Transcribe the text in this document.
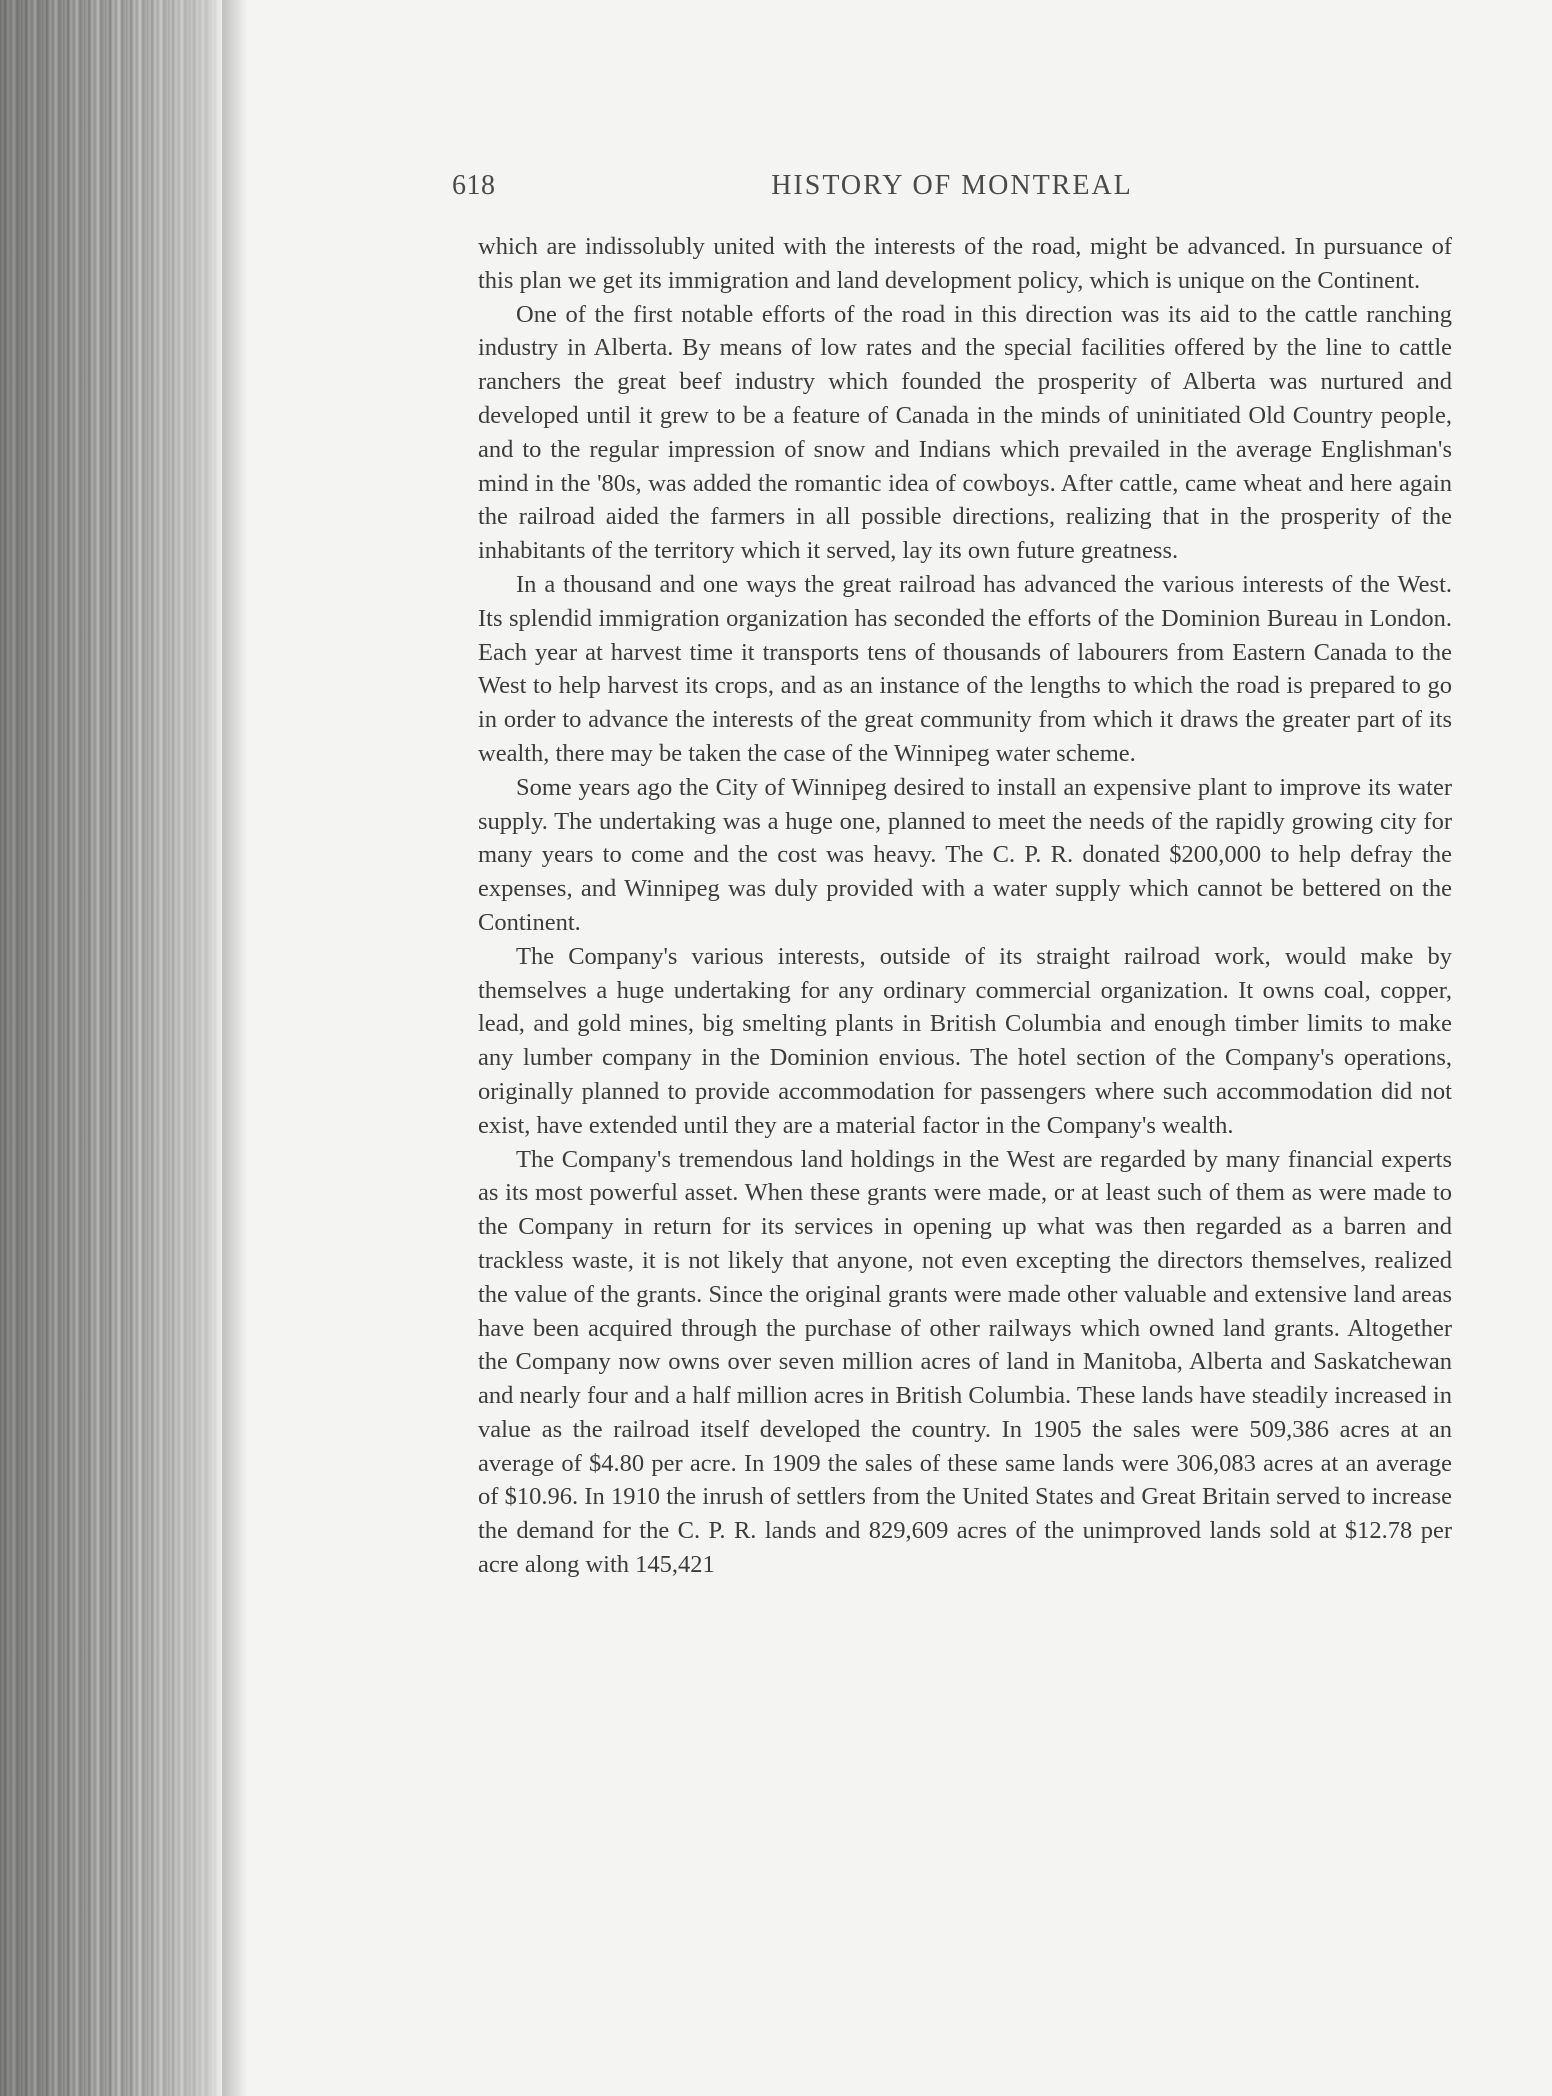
618	HISTORY OF MONTREAL

which are indissolubly united with the interests of the road, might be advanced. In pursuance of this plan we get its immigration and land development policy, which is unique on the Continent.

One of the first notable efforts of the road in this direction was its aid to the cattle ranching industry in Alberta. By means of low rates and the special facilities offered by the line to cattle ranchers the great beef industry which founded the prosperity of Alberta was nurtured and developed until it grew to be a feature of Canada in the minds of uninitiated Old Country people, and to the regular impression of snow and Indians which prevailed in the average Englishman's mind in the '80s, was added the romantic idea of cowboys. After cattle, came wheat and here again the railroad aided the farmers in all possible directions, realizing that in the prosperity of the inhabitants of the territory which it served, lay its own future greatness.

In a thousand and one ways the great railroad has advanced the various interests of the West. Its splendid immigration organization has seconded the efforts of the Dominion Bureau in London. Each year at harvest time it transports tens of thousands of labourers from Eastern Canada to the West to help harvest its crops, and as an instance of the lengths to which the road is prepared to go in order to advance the interests of the great community from which it draws the greater part of its wealth, there may be taken the case of the Winnipeg water scheme.

Some years ago the City of Winnipeg desired to install an expensive plant to improve its water supply. The undertaking was a huge one, planned to meet the needs of the rapidly growing city for many years to come and the cost was heavy. The C. P. R. donated $200,000 to help defray the expenses, and Winnipeg was duly provided with a water supply which cannot be bettered on the Continent.

The Company's various interests, outside of its straight railroad work, would make by themselves a huge undertaking for any ordinary commercial organization. It owns coal, copper, lead, and gold mines, big smelting plants in British Columbia and enough timber limits to make any lumber company in the Dominion envious. The hotel section of the Company's operations, originally planned to provide accommodation for passengers where such accommodation did not exist, have extended until they are a material factor in the Company's wealth.

The Company's tremendous land holdings in the West are regarded by many financial experts as its most powerful asset. When these grants were made, or at least such of them as were made to the Company in return for its services in opening up what was then regarded as a barren and trackless waste, it is not likely that anyone, not even excepting the directors themselves, realized the value of the grants. Since the original grants were made other valuable and extensive land areas have been acquired through the purchase of other railways which owned land grants. Altogether the Company now owns over seven million acres of land in Manitoba, Alberta and Saskatchewan and nearly four and a half million acres in British Columbia. These lands have steadily increased in value as the railroad itself developed the country. In 1905 the sales were 509,386 acres at an average of $4.80 per acre. In 1909 the sales of these same lands were 306,083 acres at an average of $10.96. In 1910 the inrush of settlers from the United States and Great Britain served to increase the demand for the C. P. R. lands and 829,609 acres of the unimproved lands sold at $12.78 per acre along with 145,421
